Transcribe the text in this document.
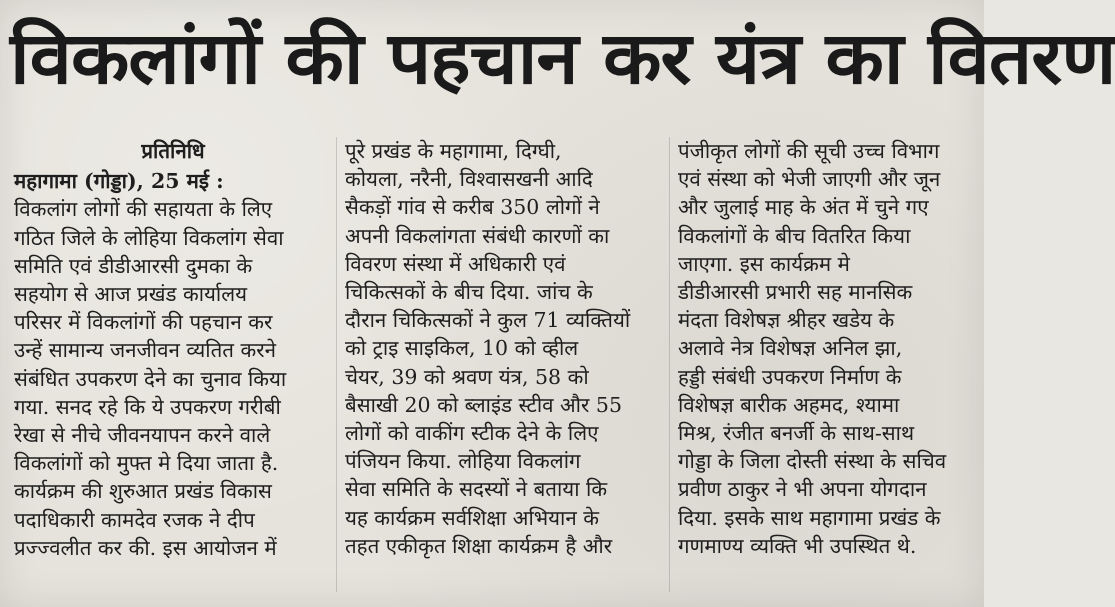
विकलांगों की पहचान कर यंत्र का वितरण
प्रतिनिधि
महागामा (गोड्डा), 25 मई :
विकलांग लोगों की सहायता के लिए
गठित जिले के लोहिया विकलांग सेवा
समिति एवं डीडीआरसी दुमका के
सहयोग से आज प्रखंड कार्यालय
परिसर में विकलांगों की पहचान कर
उन्हें सामान्य जनजीवन व्यतित करने
संबंधित उपकरण देने का चुनाव किया
गया. सनद रहे कि ये उपकरण गरीबी
रेखा से नीचे जीवनयापन करने वाले
विकलांगों को मुफ्त मे दिया जाता है.
कार्यक्रम की शुरुआत प्रखंड विकास
पदाधिकारी कामदेव रजक ने दीप
प्रज्ज्वलीत कर की. इस आयोजन में
पूरे प्रखंड के महागामा, दिग्घी,
कोयला, नरैनी, विश्वासखनी आदि
सैकड़ों गांव से करीब 350 लोगों ने
अपनी विकलांगता संबंधी कारणों का
विवरण संस्था में अधिकारी एवं
चिकित्सकों के बीच दिया. जांच के
दौरान चिकित्सकों ने कुल 71 व्यक्तियों
को ट्राइ साइकिल, 10 को व्हील
चेयर, 39 को श्रवण यंत्र, 58 को
बैसाखी 20 को ब्लाइंड स्टीव और 55
लोगों को वाकींग स्टीक देने के लिए
पंजियन किया. लोहिया विकलांग
सेवा समिति के सदस्यों ने बताया कि
यह कार्यक्रम सर्वशिक्षा अभियान के
तहत एकीकृत शिक्षा कार्यक्रम है और
पंजीकृत लोगों की सूची उच्च विभाग
एवं संस्था को भेजी जाएगी और जून
और जुलाई माह के अंत में चुने गए
विकलांगों के बीच वितरित किया
जाएगा. इस कार्यक्रम मे
डीडीआरसी प्रभारी सह मानसिक
मंदता विशेषज्ञ श्रीहर खडेय के
अलावे नेत्र विशेषज्ञ अनिल झा,
हड्डी संबंधी उपकरण निर्माण के
विशेषज्ञ बारीक अहमद, श्यामा
मिश्र, रंजीत बनर्जी के साथ-साथ
गोड्डा के जिला दोस्ती संस्था के सचिव
प्रवीण ठाकुर ने भी अपना योगदान
दिया. इसके साथ महागामा प्रखंड के
गणमाण्य व्यक्ति भी उपस्थित थे.
